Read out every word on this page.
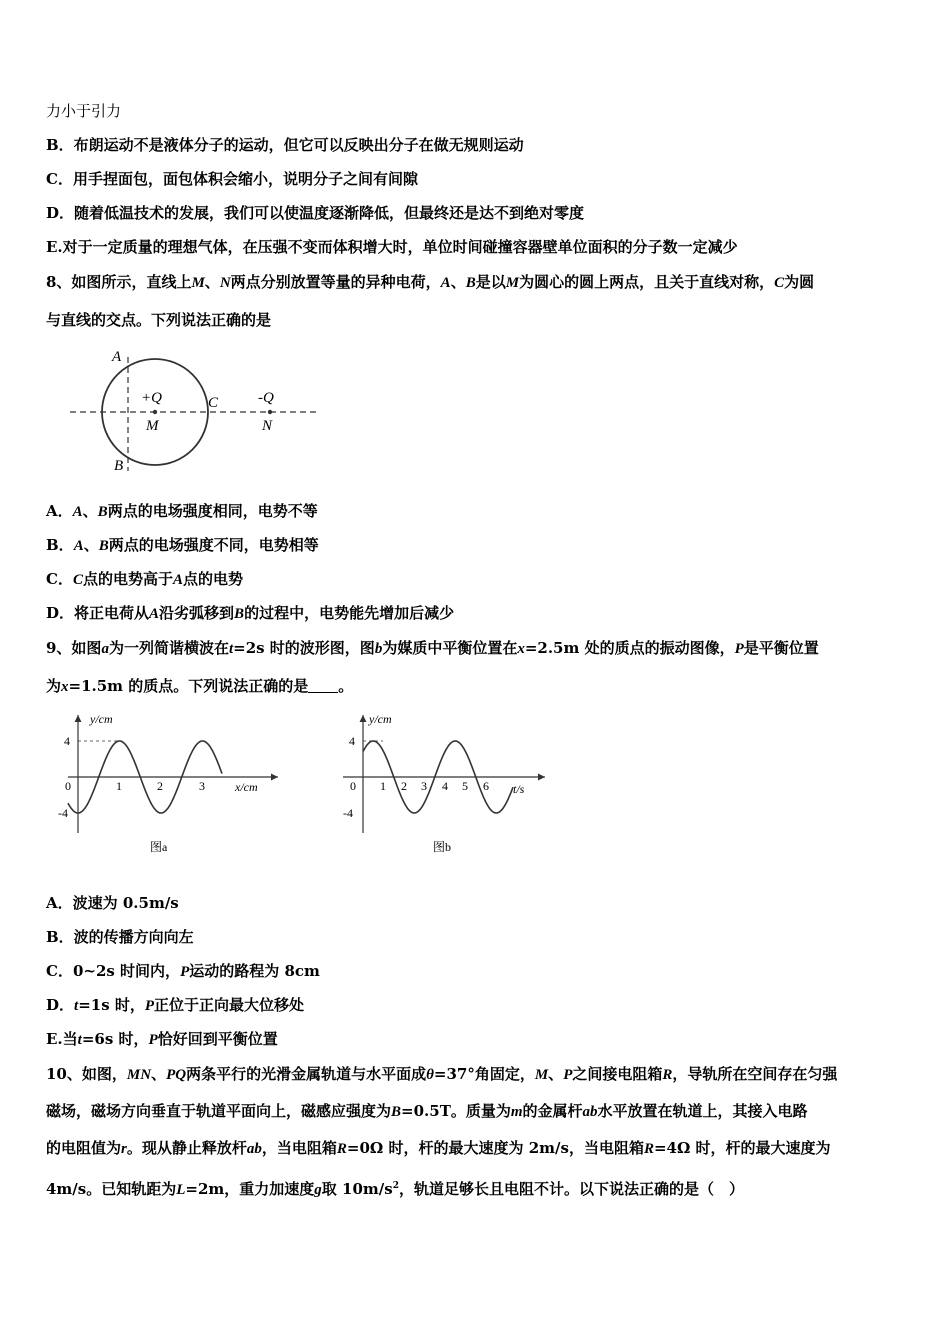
力小于引力
B．布朗运动不是液体分子的运动，但它可以反映出分子在做无规则运动
C．用手捏面包，面包体积会缩小，说明分子之间有间隙
D．随着低温技术的发展，我们可以使温度逐渐降低，但最终还是达不到绝对零度
E.对于一定质量的理想气体，在压强不变而体积增大时，单位时间碰撞容器壁单位面积的分子数一定减少
8、如图所示，直线上M、N两点分别放置等量的异种电荷，A、B是以M为圆心的圆上两点，且关于直线对称，C为圆
与直线的交点。下列说法正确的是
A
B
C
+Q
M
-Q
N
A．A、B两点的电场强度相同，电势不等
B．A、B两点的电场强度不同，电势相等
C．C点的电势高于A点的电势
D．将正电荷从A沿劣弧移到B的过程中，电势能先增加后减少
9、如图a为一列简谐横波在t=2s 时的波形图，图b为媒质中平衡位置在x=2.5m 处的质点的振动图像，P是平衡位置
为x=1.5m 的质点。下列说法正确的是 。
y/cm
x/cm
4
-4
0	1	2	3
图a
y/cm
t/s
4
-4
0 1 2 3 4 5 6
图b
A．波速为 0.5m/s
B．波的传播方向向左
C．0~2s 时间内，P运动的路程为 8cm
D．t=1s 时，P正位于正向最大位移处
E.当t=6s 时，P恰好回到平衡位置
10、如图，MN、PQ两条平行的光滑金属轨道与水平面成θ=37°角固定，M、P之间接电阻箱R，导轨所在空间存在匀强
磁场，磁场方向垂直于轨道平面向上，磁感应强度为B=0.5T。质量为m的金属杆ab水平放置在轨道上，其接入电路
的电阻值为r。现从静止释放杆ab，当电阻箱R=0Ω 时，杆的最大速度为 2m/s，当电阻箱R=4Ω 时，杆的最大速度为
4m/s。已知轨距为L=2m，重力加速度g取 $10m/s^2$，轨道足够长且电阻不计。以下说法正确的是（　）
